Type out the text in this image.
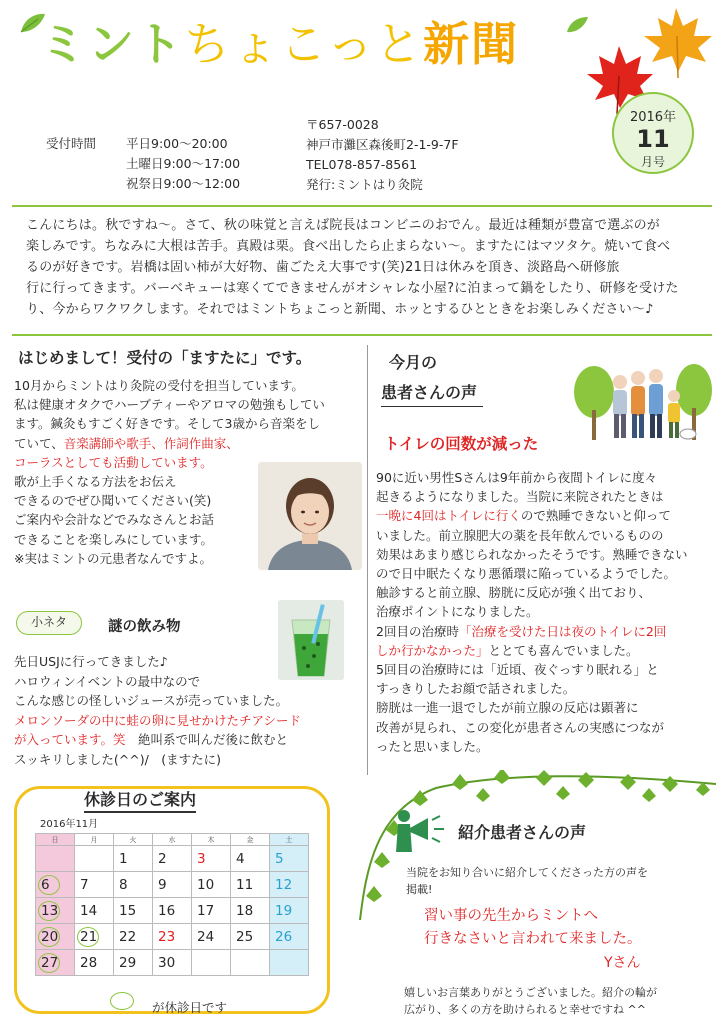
ミントちょこっと新聞
2016年
11
月号
受付時間 平日9:00～20:00
土曜日9:00～17:00
祝祭日9:00～12:00
〒657-0028
神戸市灘区森後町2-1-9-7F
TEL078-857-8561
発行:ミントはり灸院

こんにちは。秋ですね～。さて、秋の味覚と言えば院長はコンビニのおでん。最近は種類が豊富で選ぶのが

楽しみです。ちなみに大根は苦手。真殿は栗。食べ出したら止まらない～。ますたにはマツタケ。焼いて食べ

るのが好きです。岩橋は固い柿が大好物、歯ごたえ大事です(笑)21日は休みを頂き、淡路島へ研修旅

行に行ってきます。バーベキューは寒くてできませんがオシャレな小屋?に泊まって鍋をしたり、研修を受けた

り、今からワクワクします。それではミントちょこっと新聞、ホッとするひとときをお楽しみください～♪

はじめまして！受付の「ますたに」です。

10月からミントはり灸院の受付を担当しています。

私は健康オタクでハーブティーやアロマの勉強もしてい

ます。鍼灸もすごく好きです。そして3歳から音楽をし

ていて、音楽講師や歌手、作詞作曲家、

コーラスとしても活動しています。

歌が上手くなる方法をお伝え

できるのでぜひ聞いてください(笑)

ご案内や会計などでみなさんとお話

できることを楽しみにしています。

※実はミントの元患者なんですよ。

小ネタ	謎の飲み物

先日USJに行ってきました♪

ハロウィンイベントの最中なので

こんな感じの怪しいジュースが売っていました。

メロンソーダの中に蛙の卵に見せかけたチアシード

が入っています。笑　絶叫系で叫んだ後に飲むと

スッキリしました(^^)/　(ますたに)

休診日のご案内
2016年11月
日	月	火	水	木	金	土
		1	2	3	4	5

6	7	8	9	10	11	12

13	14	15	16	17	18	19

20	21	22	23	24	25	26

27	28	29	30			
が休診日です
今月の
患者さんの声
トイレの回数が減った

90に近い男性Sさんは9年前から夜間トイレに度々

起きるようになりました。当院に来院されたときは

一晩に4回はトイレに行くので熟睡できないと仰って

いました。前立腺肥大の薬を長年飲んでいるものの

効果はあまり感じられなかったそうです。熟睡できない

ので日中眠たくなり悪循環に陥っているようでした。

触診すると前立腺、膀胱に反応が強く出ており、

治療ポイントになりました。

2回目の治療時「治療を受けた日は夜のトイレに2回

しか行かなかった」ととても喜んでいました。

5回目の治療時には「近頃、夜ぐっすり眠れる」と

すっきりしたお顔で話されました。

膀胱は一進一退でしたが前立腺の反応は顕著に

改善が見られ、この変化が患者さんの実感につなが

ったと思いました。

紹介患者さんの声

当院をお知り合いに紹介してくださった方の声を

掲載!

習い事の先生からミントへ

行きなさいと言われて来ました。

Yさん

嬉しいお言葉ありがとうございました。紹介の輪が

広がり、多くの方を助けられると幸せですね ^^
